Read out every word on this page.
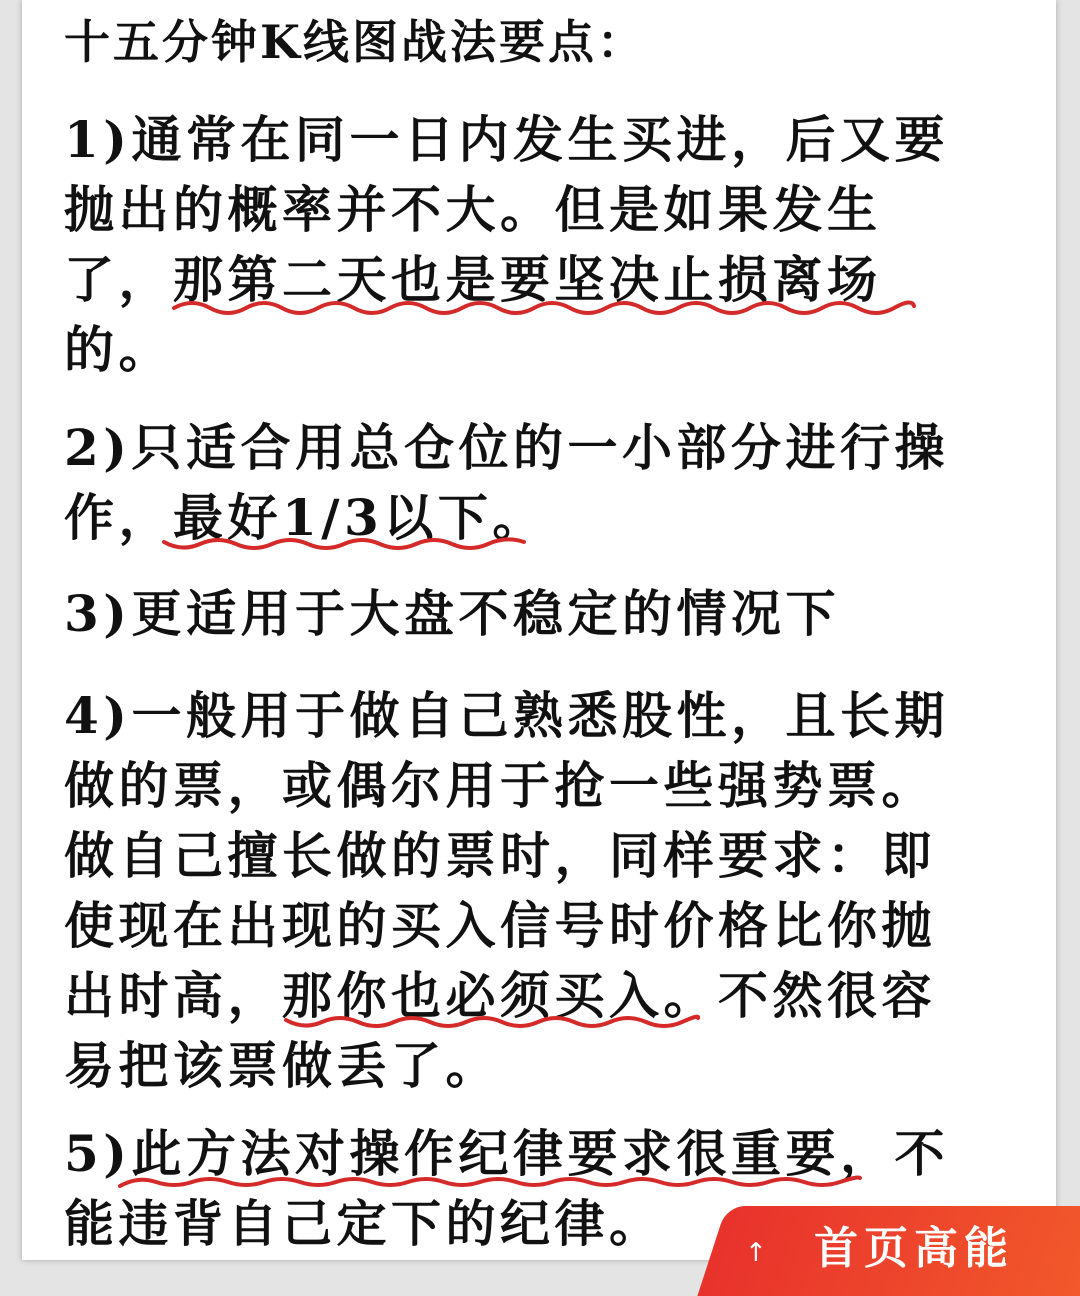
十五分钟K线图战法要点：
1)通常在同一日内发生买进，后又要
抛出的概率并不大。但是如果发生
了，那第二天也是要坚决止损离场
的。
2)只适合用总仓位的一小部分进行操
作，最好1/3以下。
3)更适用于大盘不稳定的情况下
4)一般用于做自己熟悉股性，且长期
做的票，或偶尔用于抢一些强势票。
做自己擅长做的票时，同样要求：即
使现在出现的买入信号时价格比你抛
出时高，那你也必须买入。不然很容
易把该票做丢了。
5)此方法对操作纪律要求很重要，不
能违背自己定下的纪律。	↑ 首页高能
